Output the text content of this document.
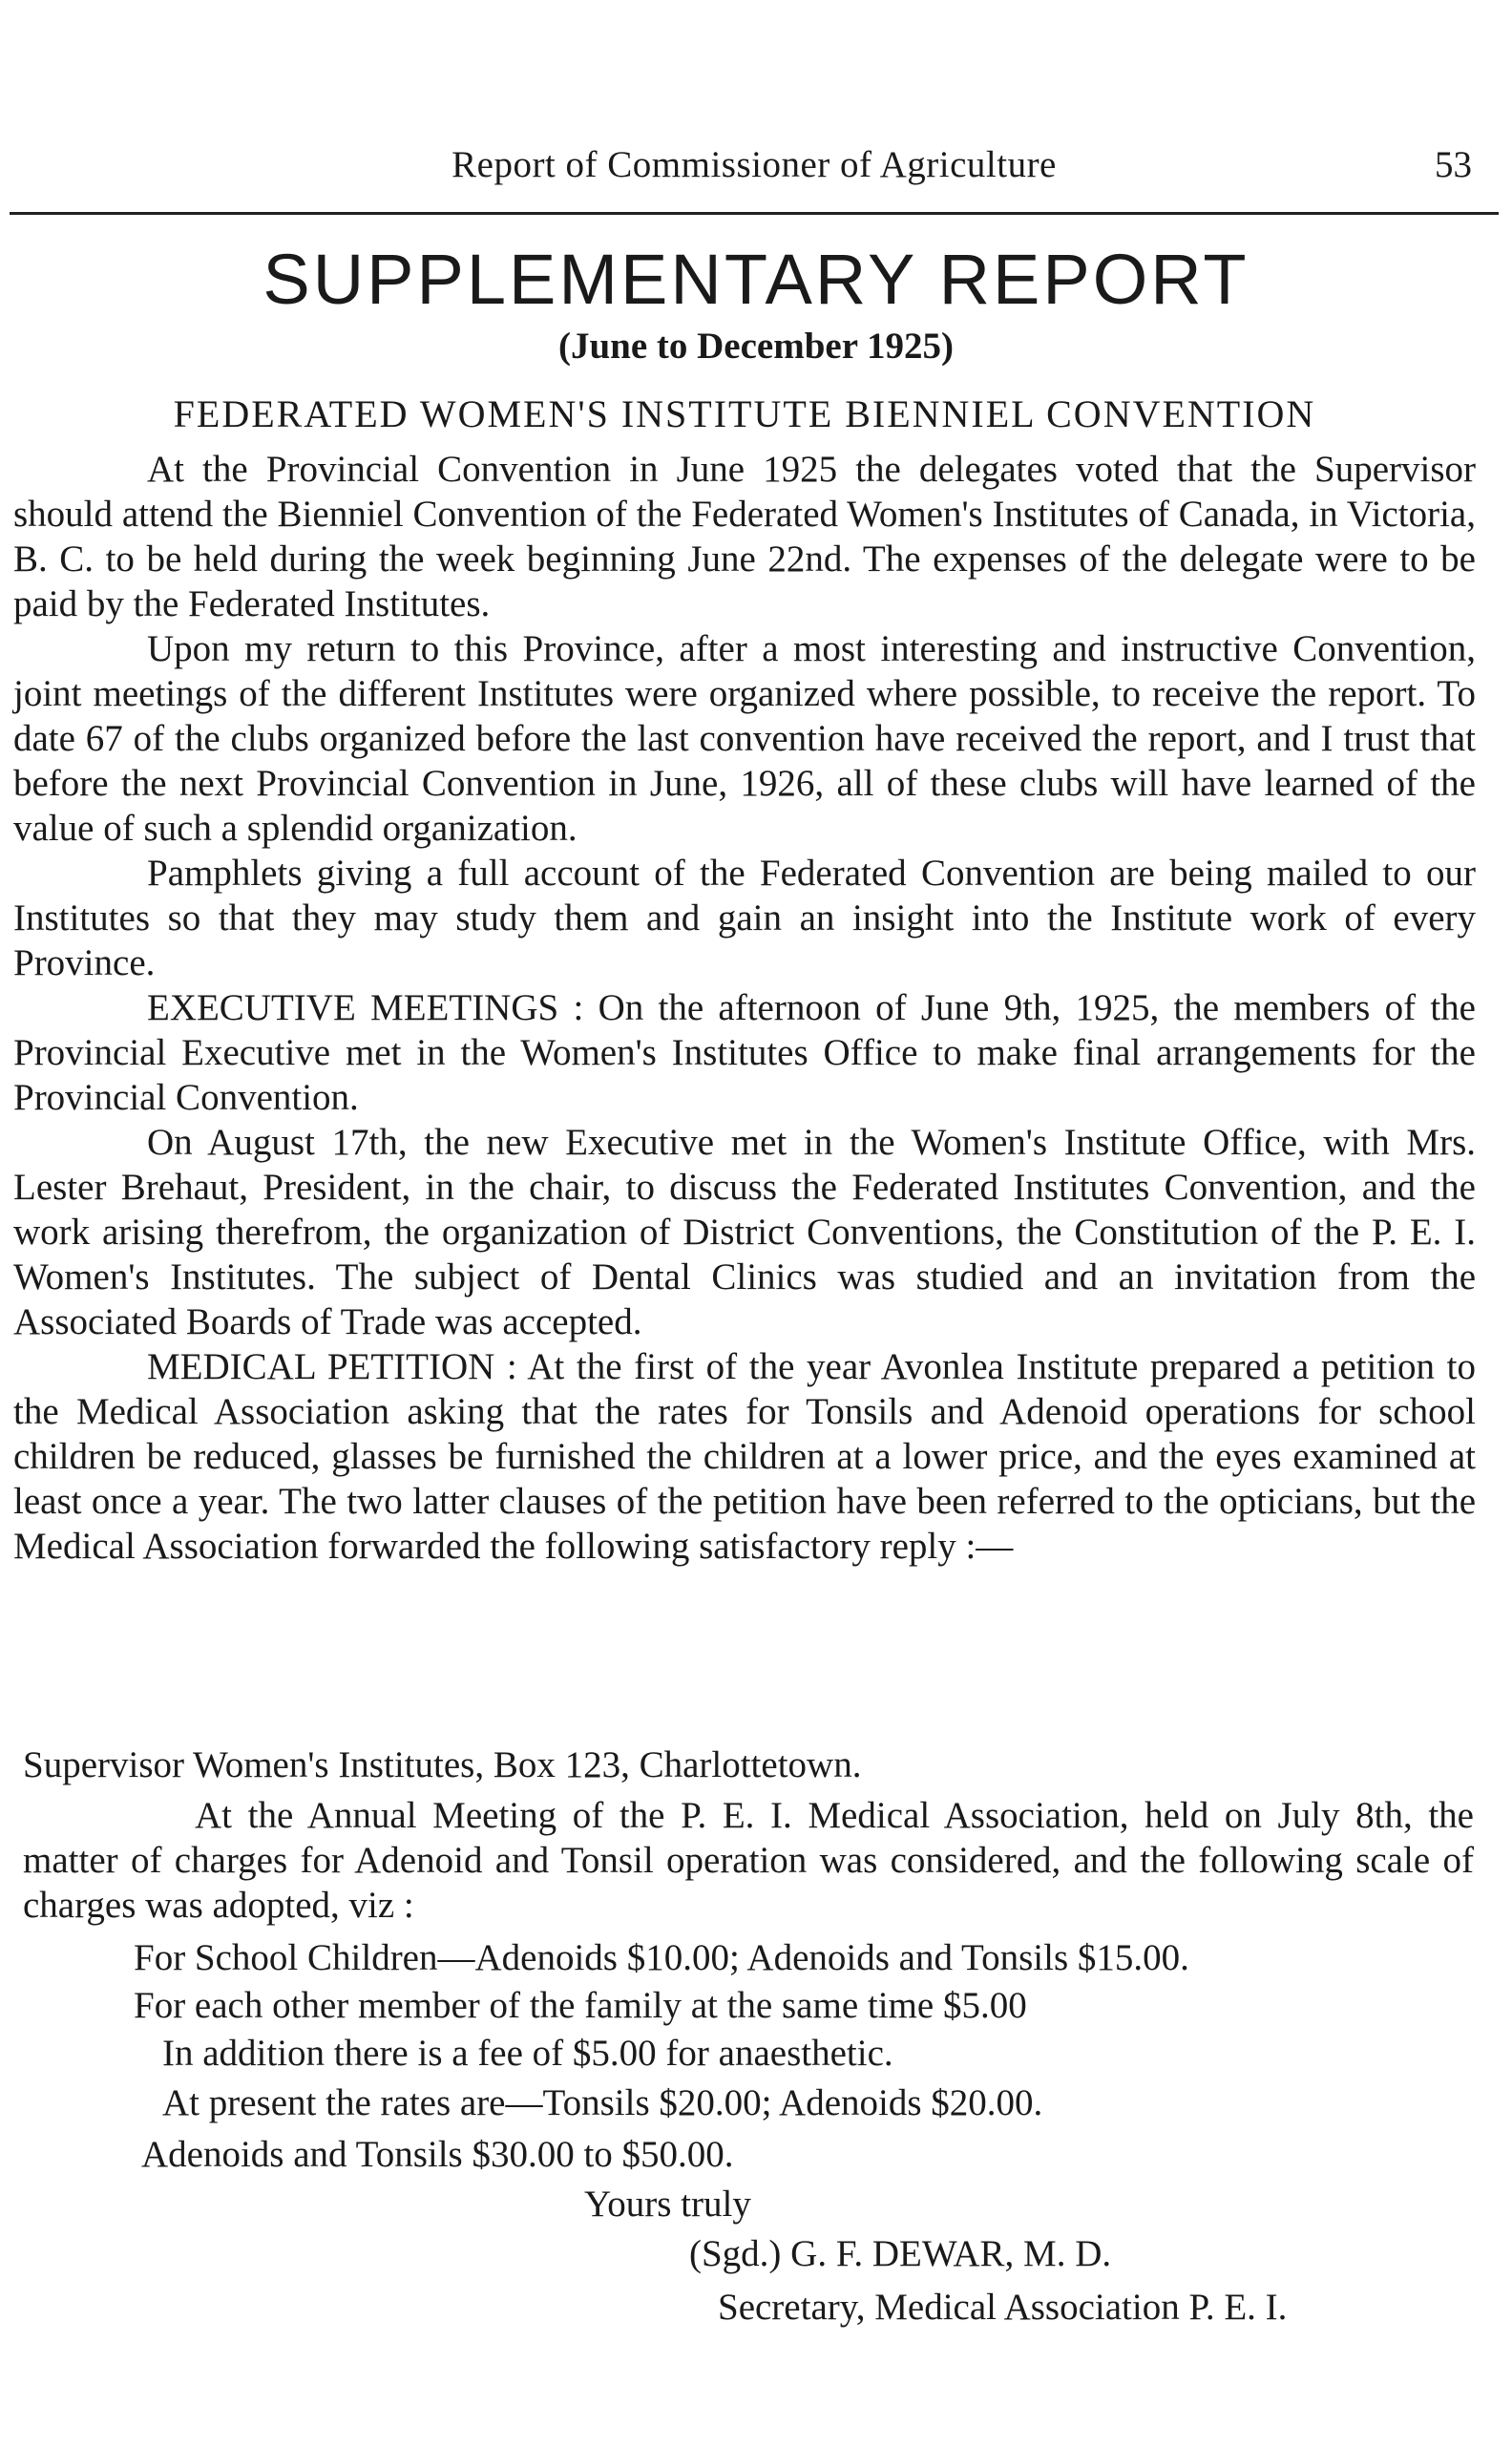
Report of Commissioner of Agriculture	53
SUPPLEMENTARY REPORT
(June to December 1925)
FEDERATED WOMEN'S INSTITUTE BIENNIEL CONVENTION

At the Provincial Convention in June 1925 the delegates voted that the Supervisor should attend the Bienniel Convention of the Federated Women's Institutes of Canada, in Victoria, B. C. to be held during the week beginning June 22nd. The expenses of the delegate were to be paid by the Federated Institutes.

Upon my return to this Province, after a most interesting and instructive Convention, joint meetings of the different Institutes were organized where possible, to receive the report. To date 67 of the clubs organized before the last convention have received the report, and I trust that before the next Provincial Convention in June, 1926, all of these clubs will have learned of the value of such a splendid organization.

Pamphlets giving a full account of the Federated Convention are being mailed to our Institutes so that they may study them and gain an insight into the Institute work of every Province.

EXECUTIVE MEETINGS : On the afternoon of June 9th, 1925, the members of the Provincial Executive met in the Women's Institutes Office to make final arrangements for the Provincial Convention.

On August 17th, the new Executive met in the Women's Institute Office, with Mrs. Lester Brehaut, President, in the chair, to discuss the Federated Institutes Convention, and the work arising therefrom, the organization of District Conventions, the Constitution of the P. E. I. Women's Institutes. The subject of Dental Clinics was studied and an invitation from the Associated Boards of Trade was accepted.

MEDICAL PETITION : At the first of the year Avonlea Institute prepared a petition to the Medical Association asking that the rates for Tonsils and Adenoid operations for school children be reduced, glasses be furnished the children at a lower price, and the eyes examined at least once a year. The two latter clauses of the petition have been referred to the opticians, but the Medical Association forwarded the following satisfactory reply :—

Supervisor Women's Institutes, Box 123, Charlottetown.
At the Annual Meeting of the P. E. I. Medical Association, held on July 8th, the matter of charges for Adenoid and Tonsil operation was considered, and the following scale of charges was adopted, viz :
For School Children—Adenoids $10.00; Adenoids and Tonsils $15.00.
For each other member of the family at the same time $5.00
In addition there is a fee of $5.00 for anaesthetic.
At present the rates are—Tonsils $20.00; Adenoids $20.00.
Adenoids and Tonsils $30.00 to $50.00.
Yours truly
(Sgd.) G. F. DEWAR, M. D.
Secretary, Medical Association P. E. I.
